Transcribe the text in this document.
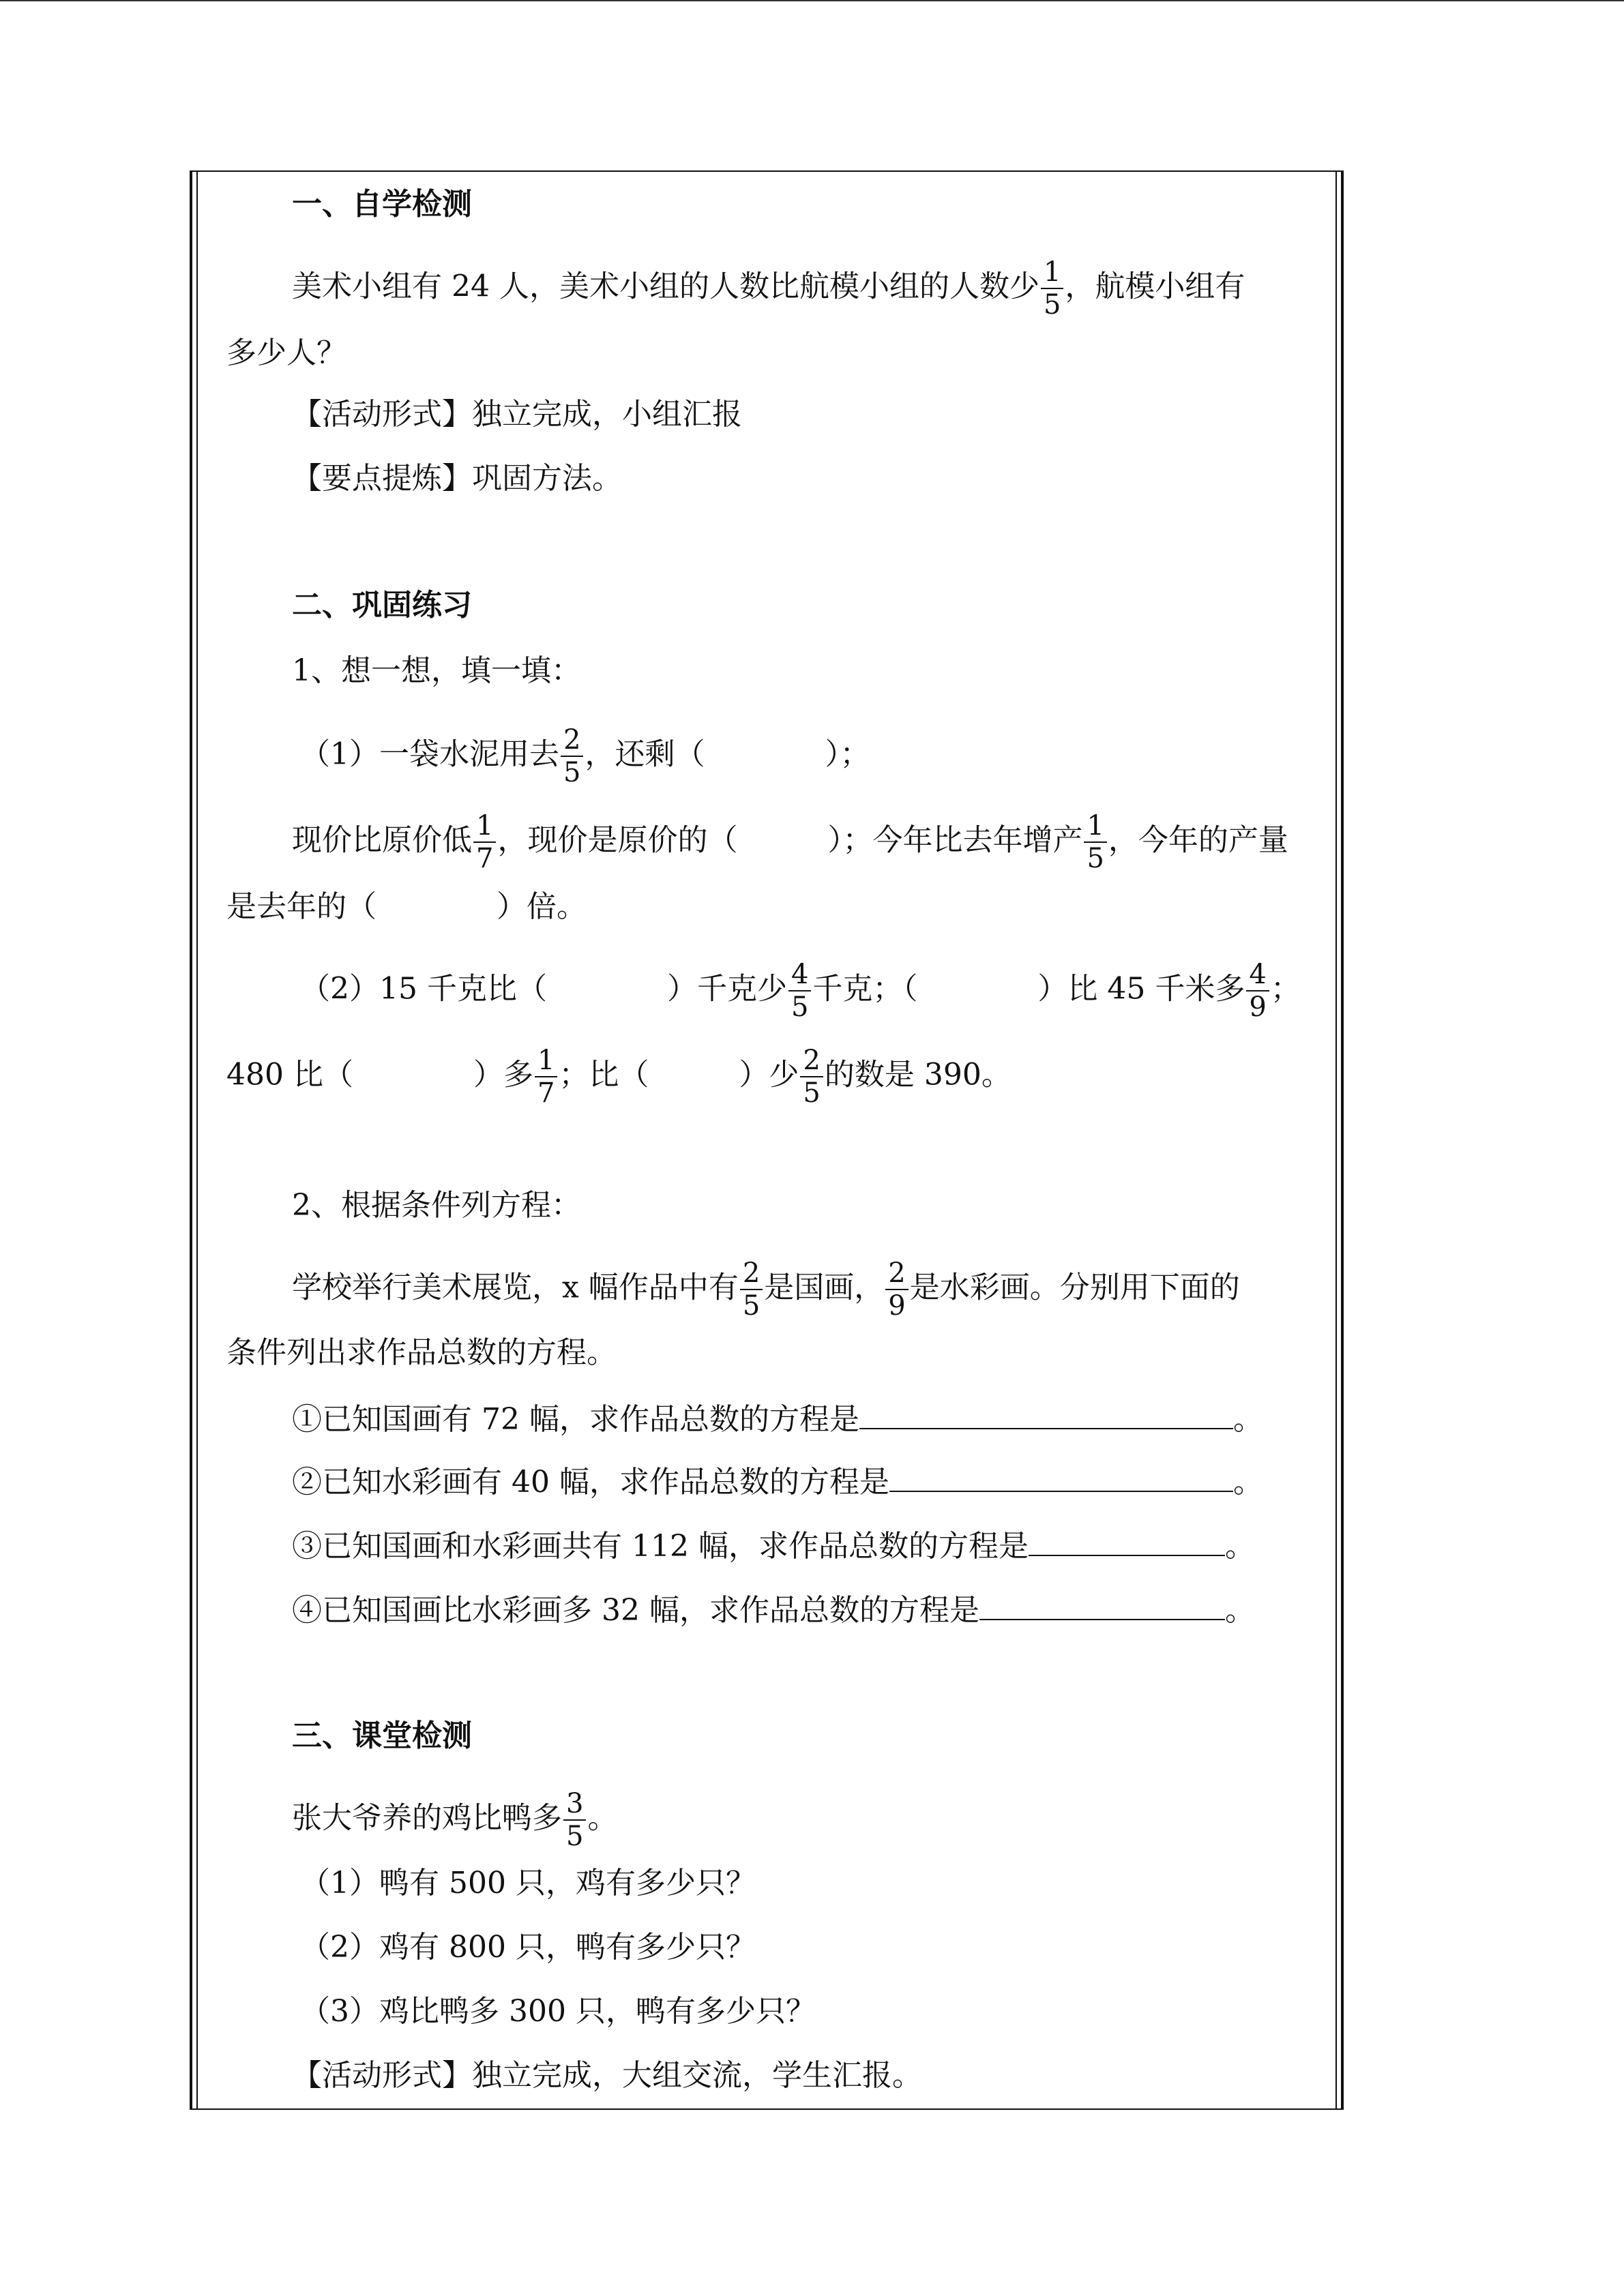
一、自学检测
美术小组有 24 人，美术小组的人数比航模小组的人数少 $\frac{1}{5}$ ，航模小组有
多少人？
【活动形式】独立完成，小组汇报
【要点提炼】巩固方法。
二、巩固练习
1、想一想，填一填：
（1）一袋水泥用去 $\frac{2}{5}$ ，还剩（　　　　）；
现价比原价低 $\frac{1}{7}$ ，现价是原价的（　　　）；今年比去年增产 $\frac{1}{5}$ ，今年的产量
是去年的（　　　　）倍。
（2）15 千克比（　　　　）千克少 $\frac{4}{5}$ 千克；（　　　　）比 45 千米多 $\frac{4}{9}$ ；
480 比（　　　　）多 $\frac{1}{7}$ ；比（　　　）少 $\frac{2}{5}$ 的数是 390。
2、根据条件列方程：
学校举行美术展览，x 幅作品中有 $\frac{2}{5}$ 是国画， $\frac{2}{9}$ 是水彩画。分别用下面的
条件列出求作品总数的方程。
①已知国画有 72 幅，求作品总数的方程是	。
②已知水彩画有 40 幅，求作品总数的方程是	。
③已知国画和水彩画共有 112 幅，求作品总数的方程是	。
④已知国画比水彩画多 32 幅，求作品总数的方程是	。
三、课堂检测
张大爷养的鸡比鸭多 $\frac{3}{5}$ 。
（1）鸭有 500 只，鸡有多少只？
（2）鸡有 800 只，鸭有多少只？
（3）鸡比鸭多 300 只，鸭有多少只？
【活动形式】独立完成，大组交流，学生汇报。
